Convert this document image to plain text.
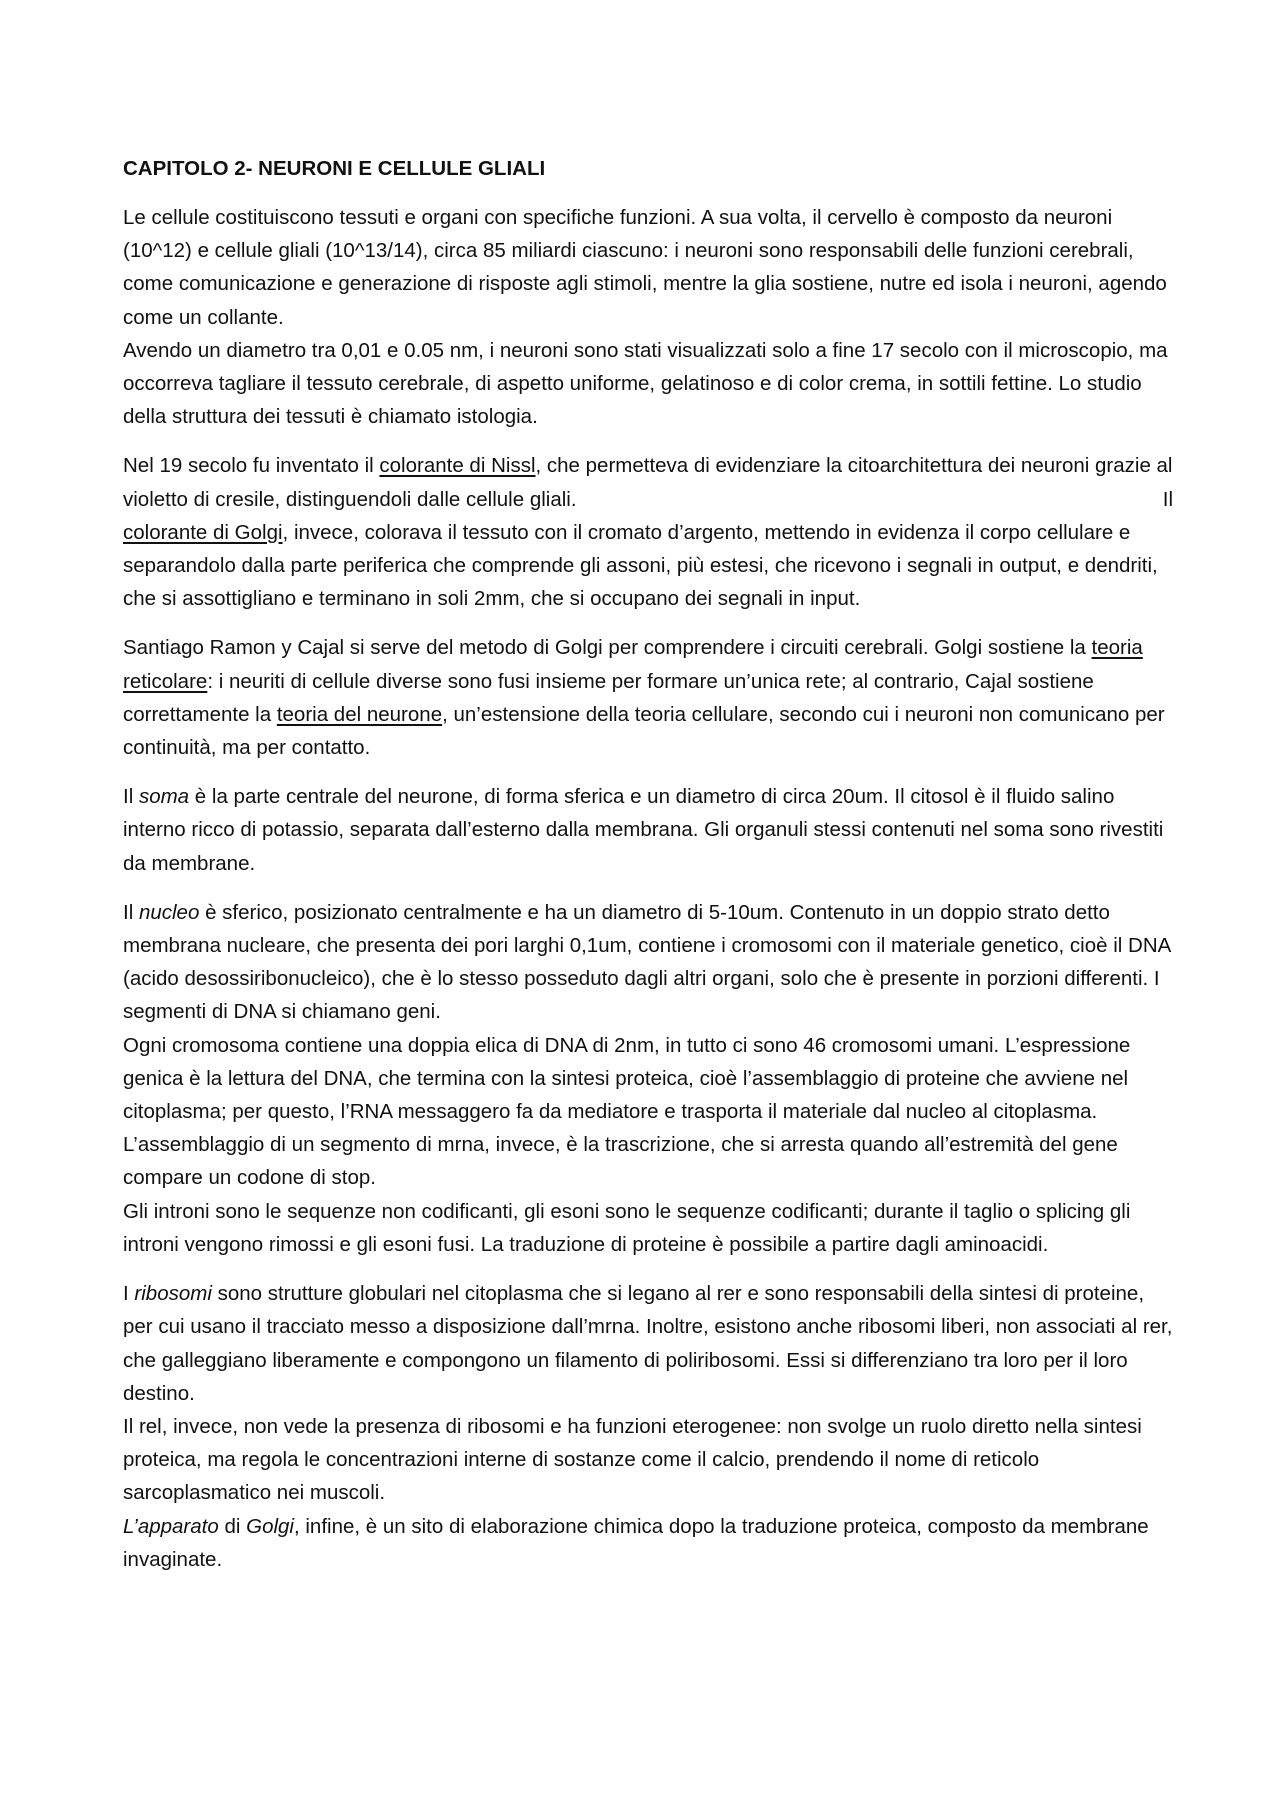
CAPITOLO 2- NEURONI E CELLULE GLIALI

Le cellule costituiscono tessuti e organi con specifiche funzioni. A sua volta, il cervello è composto da neuroni (10^12) e cellule gliali (10^13/14), circa 85 miliardi ciascuno: i neuroni sono responsabili delle funzioni cerebrali, come comunicazione e generazione di risposte agli stimoli, mentre la glia sostiene, nutre ed isola i neuroni, agendo come un collante.
Avendo un diametro tra 0,01 e 0.05 nm, i neuroni sono stati visualizzati solo a fine 17 secolo con il microscopio, ma occorreva tagliare il tessuto cerebrale, di aspetto uniforme, gelatinoso e di color crema, in sottili fettine. Lo studio della struttura dei tessuti è chiamato istologia.

Nel 19 secolo fu inventato il colorante di Nissl, che permetteva di evidenziare la citoarchitettura dei neuroni grazie al violetto di cresile, distinguendoli dalle cellule gliali.	Il

colorante di Golgi, invece, colorava il tessuto con il cromato d’argento, mettendo in evidenza il corpo cellulare e separandolo dalla parte periferica che comprende gli assoni, più estesi, che ricevono i segnali in output, e dendriti, che si assottigliano e terminano in soli 2mm, che si occupano dei segnali in input.

Santiago Ramon y Cajal si serve del metodo di Golgi per comprendere i circuiti cerebrali. Golgi sostiene la teoria reticolare: i neuriti di cellule diverse sono fusi insieme per formare un’unica rete; al contrario, Cajal sostiene correttamente la teoria del neurone, un’estensione della teoria cellulare, secondo cui i neuroni non comunicano per continuità, ma per contatto.

Il soma è la parte centrale del neurone, di forma sferica e un diametro di circa 20um. Il citosol è il fluido salino interno ricco di potassio, separata dall’esterno dalla membrana. Gli organuli stessi contenuti nel soma sono rivestiti da membrane.

Il nucleo è sferico, posizionato centralmente e ha un diametro di 5-10um. Contenuto in un doppio strato detto membrana nucleare, che presenta dei pori larghi 0,1um, contiene i cromosomi con il materiale genetico, cioè il DNA (acido desossiribonucleico), che è lo stesso posseduto dagli altri organi, solo che è presente in porzioni differenti. I segmenti di DNA si chiamano geni.
Ogni cromosoma contiene una doppia elica di DNA di 2nm, in tutto ci sono 46 cromosomi umani. L’espressione genica è la lettura del DNA, che termina con la sintesi proteica, cioè l’assemblaggio di proteine che avviene nel citoplasma; per questo, l’RNA messaggero fa da mediatore e trasporta il materiale dal nucleo al citoplasma. L’assemblaggio di un segmento di mrna, invece, è la trascrizione, che si arresta quando all’estremità del gene compare un codone di stop.
Gli introni sono le sequenze non codificanti, gli esoni sono le sequenze codificanti; durante il taglio o splicing gli introni vengono rimossi e gli esoni fusi. La traduzione di proteine è possibile a partire dagli aminoacidi.

I ribosomi sono strutture globulari nel citoplasma che si legano al rer e sono responsabili della sintesi di proteine, per cui usano il tracciato messo a disposizione dall’mrna. Inoltre, esistono anche ribosomi liberi, non associati al rer, che galleggiano liberamente e compongono un filamento di poliribosomi. Essi si differenziano tra loro per il loro destino.
Il rel, invece, non vede la presenza di ribosomi e ha funzioni eterogenee: non svolge un ruolo diretto nella sintesi proteica, ma regola le concentrazioni interne di sostanze come il calcio, prendendo il nome di reticolo sarcoplasmatico nei muscoli.
L’apparato di Golgi, infine, è un sito di elaborazione chimica dopo la traduzione proteica, composto da membrane invaginate.
